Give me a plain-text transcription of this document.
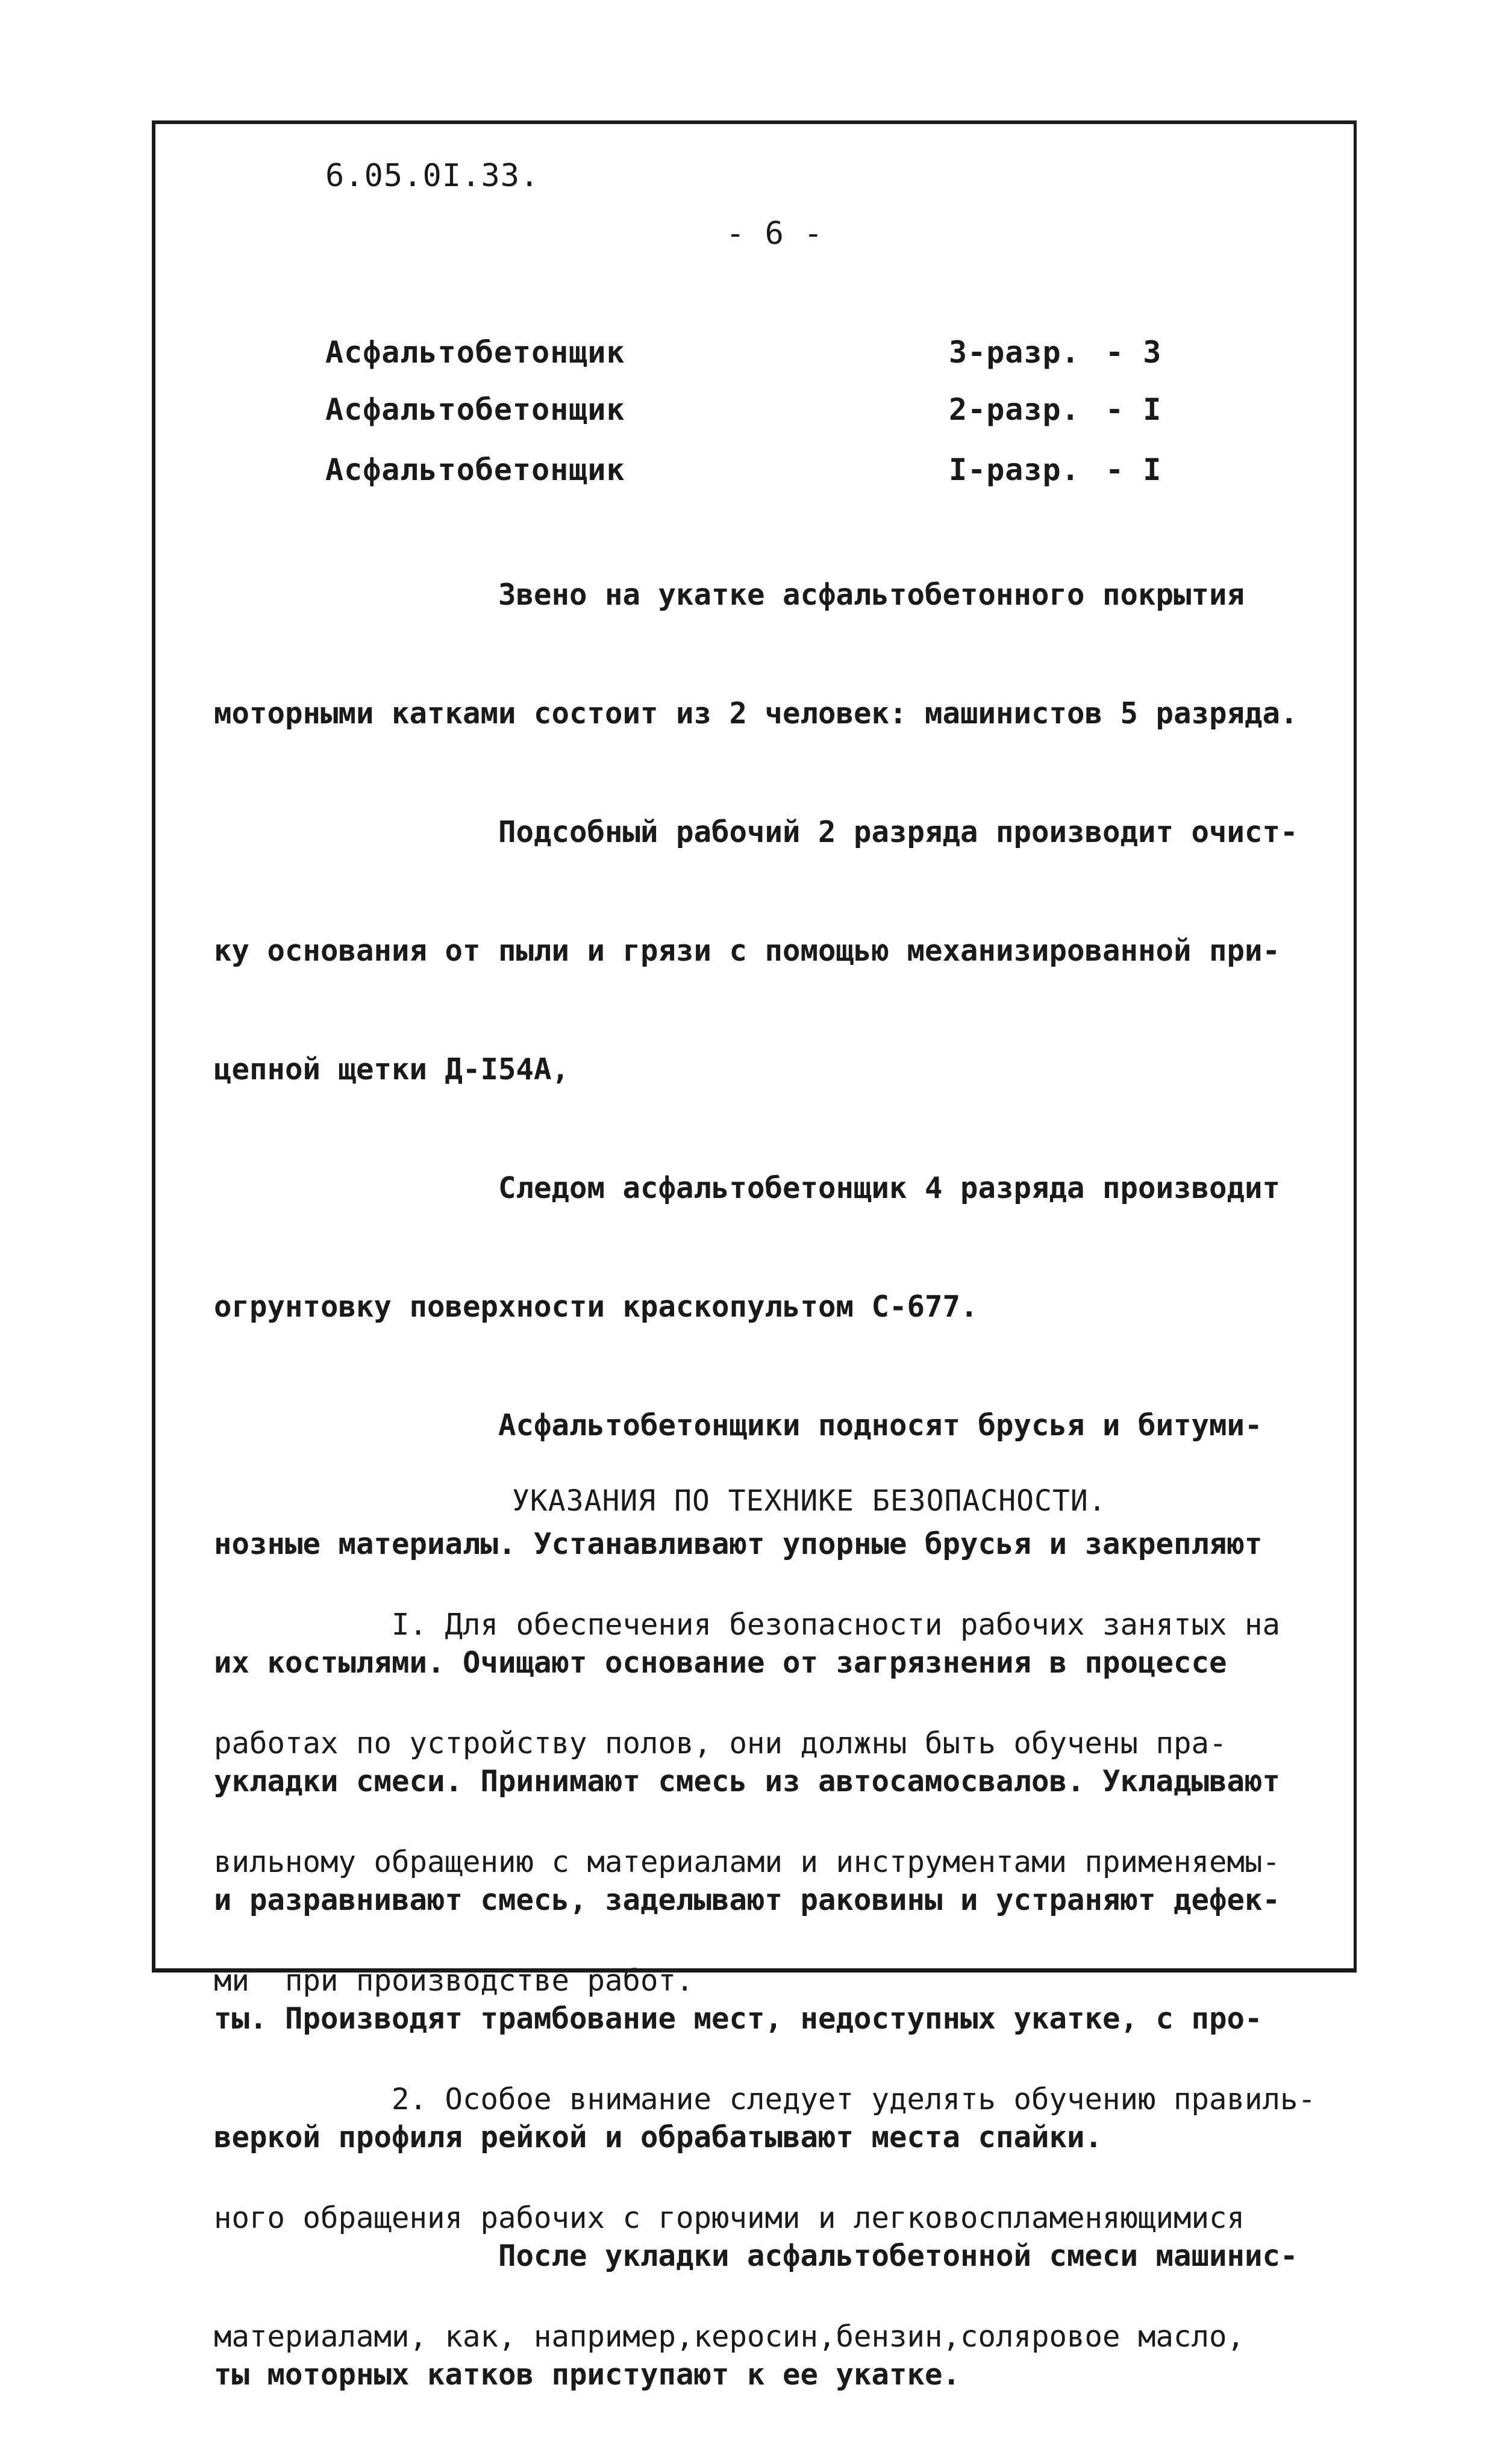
6.05.0I.33.
- 6 -
Асфальтобетонщик	3-разр. - 3
Асфальтобетонщик	2-разр. - I
Асфальтобетонщик	I-разр. - I

Звено на укатке асфальтобетонного покрытия

моторными катками состоит из 2 человек: машинистов 5 разряда.

Подсобный рабочий 2 разряда производит очист-

ку основания от пыли и грязи с помощью механизированной при-

цепной щетки Д-I54А,

Следом асфальтобетонщик 4 разряда производит

огрунтовку поверхности краскопультом С-677.

Асфальтобетонщики подносят брусья и битуми-

нозные материалы. Устанавливают упорные брусья и закрепляют

их костылями. Очищают основание от загрязнения в процессе

укладки смеси. Принимают смесь из автосамосвалов. Укладывают

и разравнивают смесь, заделывают раковины и устраняют дефек-

ты. Производят трамбование мест, недоступных укатке, с про-

веркой профиля рейкой и обрабатывают места спайки.

После укладки асфальтобетонной смеси машинис-

ты моторных катков приступают к ее укатке.

УКАЗАНИЯ ПО ТЕХНИКЕ БЕЗОПАСНОСТИ.

I. Для обеспечения безопасности рабочих занятых на

работах по устройству полов, они должны быть обучены пра-

вильному обращению с материалами и инструментами применяемы-

ми  при производстве работ.

2. Особое внимание следует уделять обучению правиль-

ного обращения рабочих с горючими и легковоспламеняющимися

материалами, как, например,керосин,бензин,соляровое масло,
